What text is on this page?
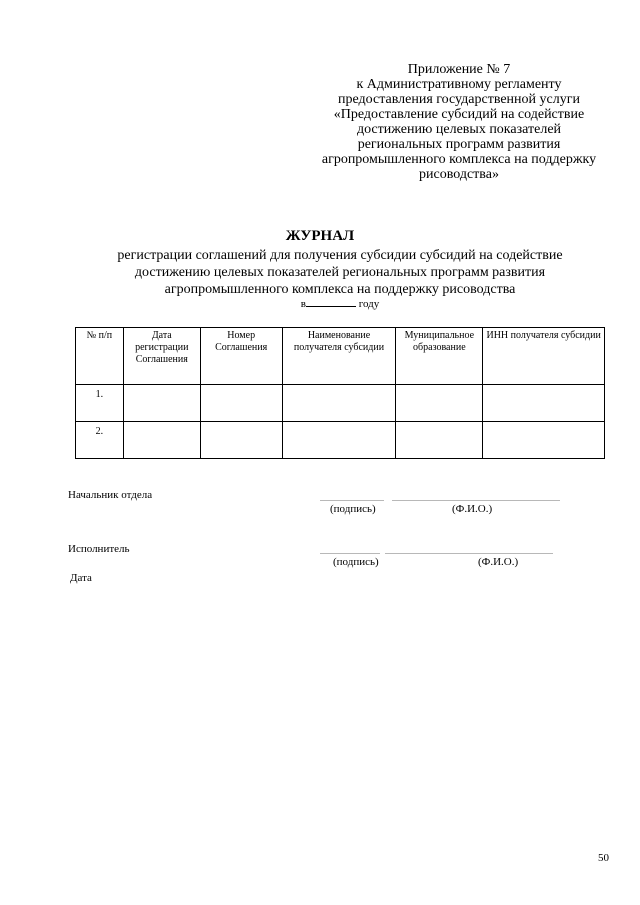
Приложение № 7
к Административному регламенту
предоставления государственной услуги
«Предоставление субсидий на содействие
достижению целевых показателей
региональных программ развития
агропромышленного комплекса на поддержку
рисоводства»
ЖУРНАЛ
регистрации соглашений для получения субсидии субсидий на содействие
достижению целевых показателей региональных программ развития
агропромышленного комплекса на поддержку рисоводства
в	году
№ п/п	Дата регистрации Соглашения	Номер Соглашения	Наименование получателя субсидии	Муниципальное образование	ИНН получателя субсидии
1.					
2.					
Начальник отдела
(подпись)	(Ф.И.О.)
Исполнитель
(подпись)	(Ф.И.О.)
Дата
50
